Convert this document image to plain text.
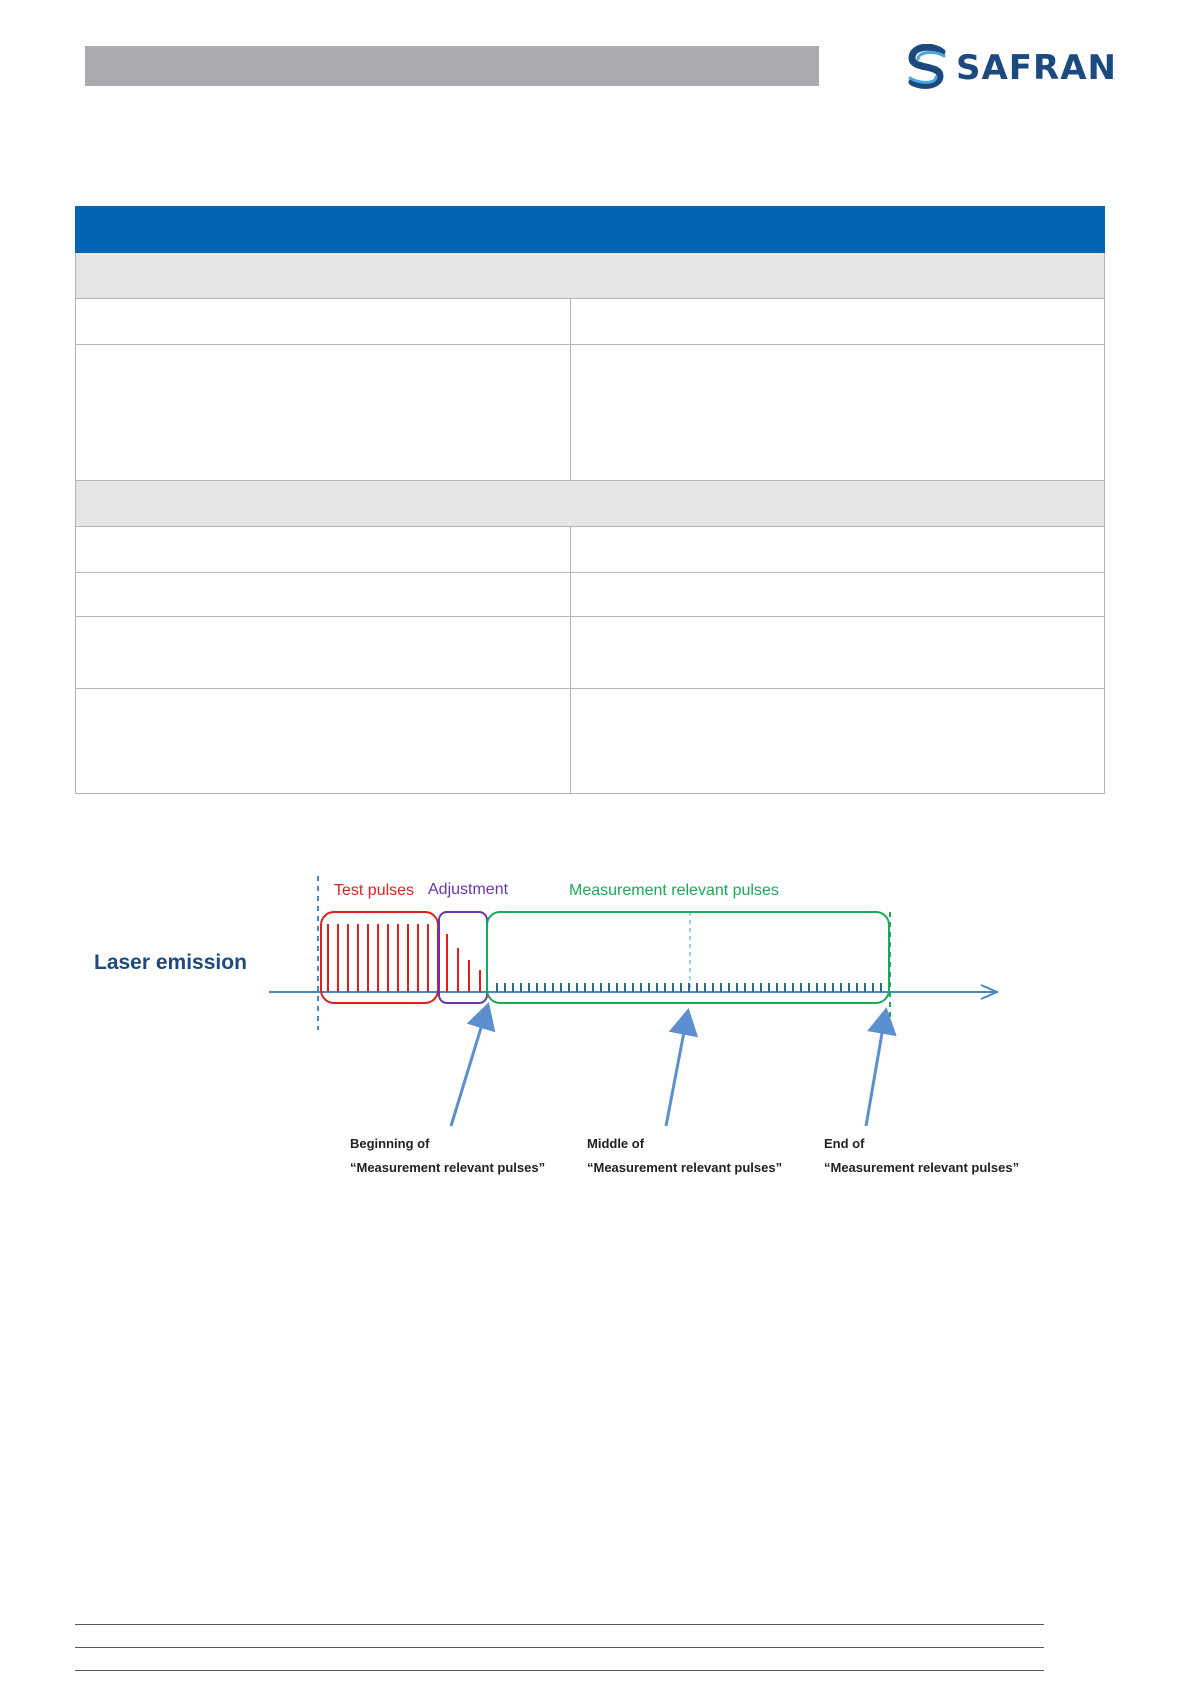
SAFRAN

Laser emission
Test pulses Adjustment	Measurement relevant pulses
Beginning of
“Measurement relevant pulses”
Middle of
“Measurement relevant pulses”
End of
“Measurement relevant pulses”
